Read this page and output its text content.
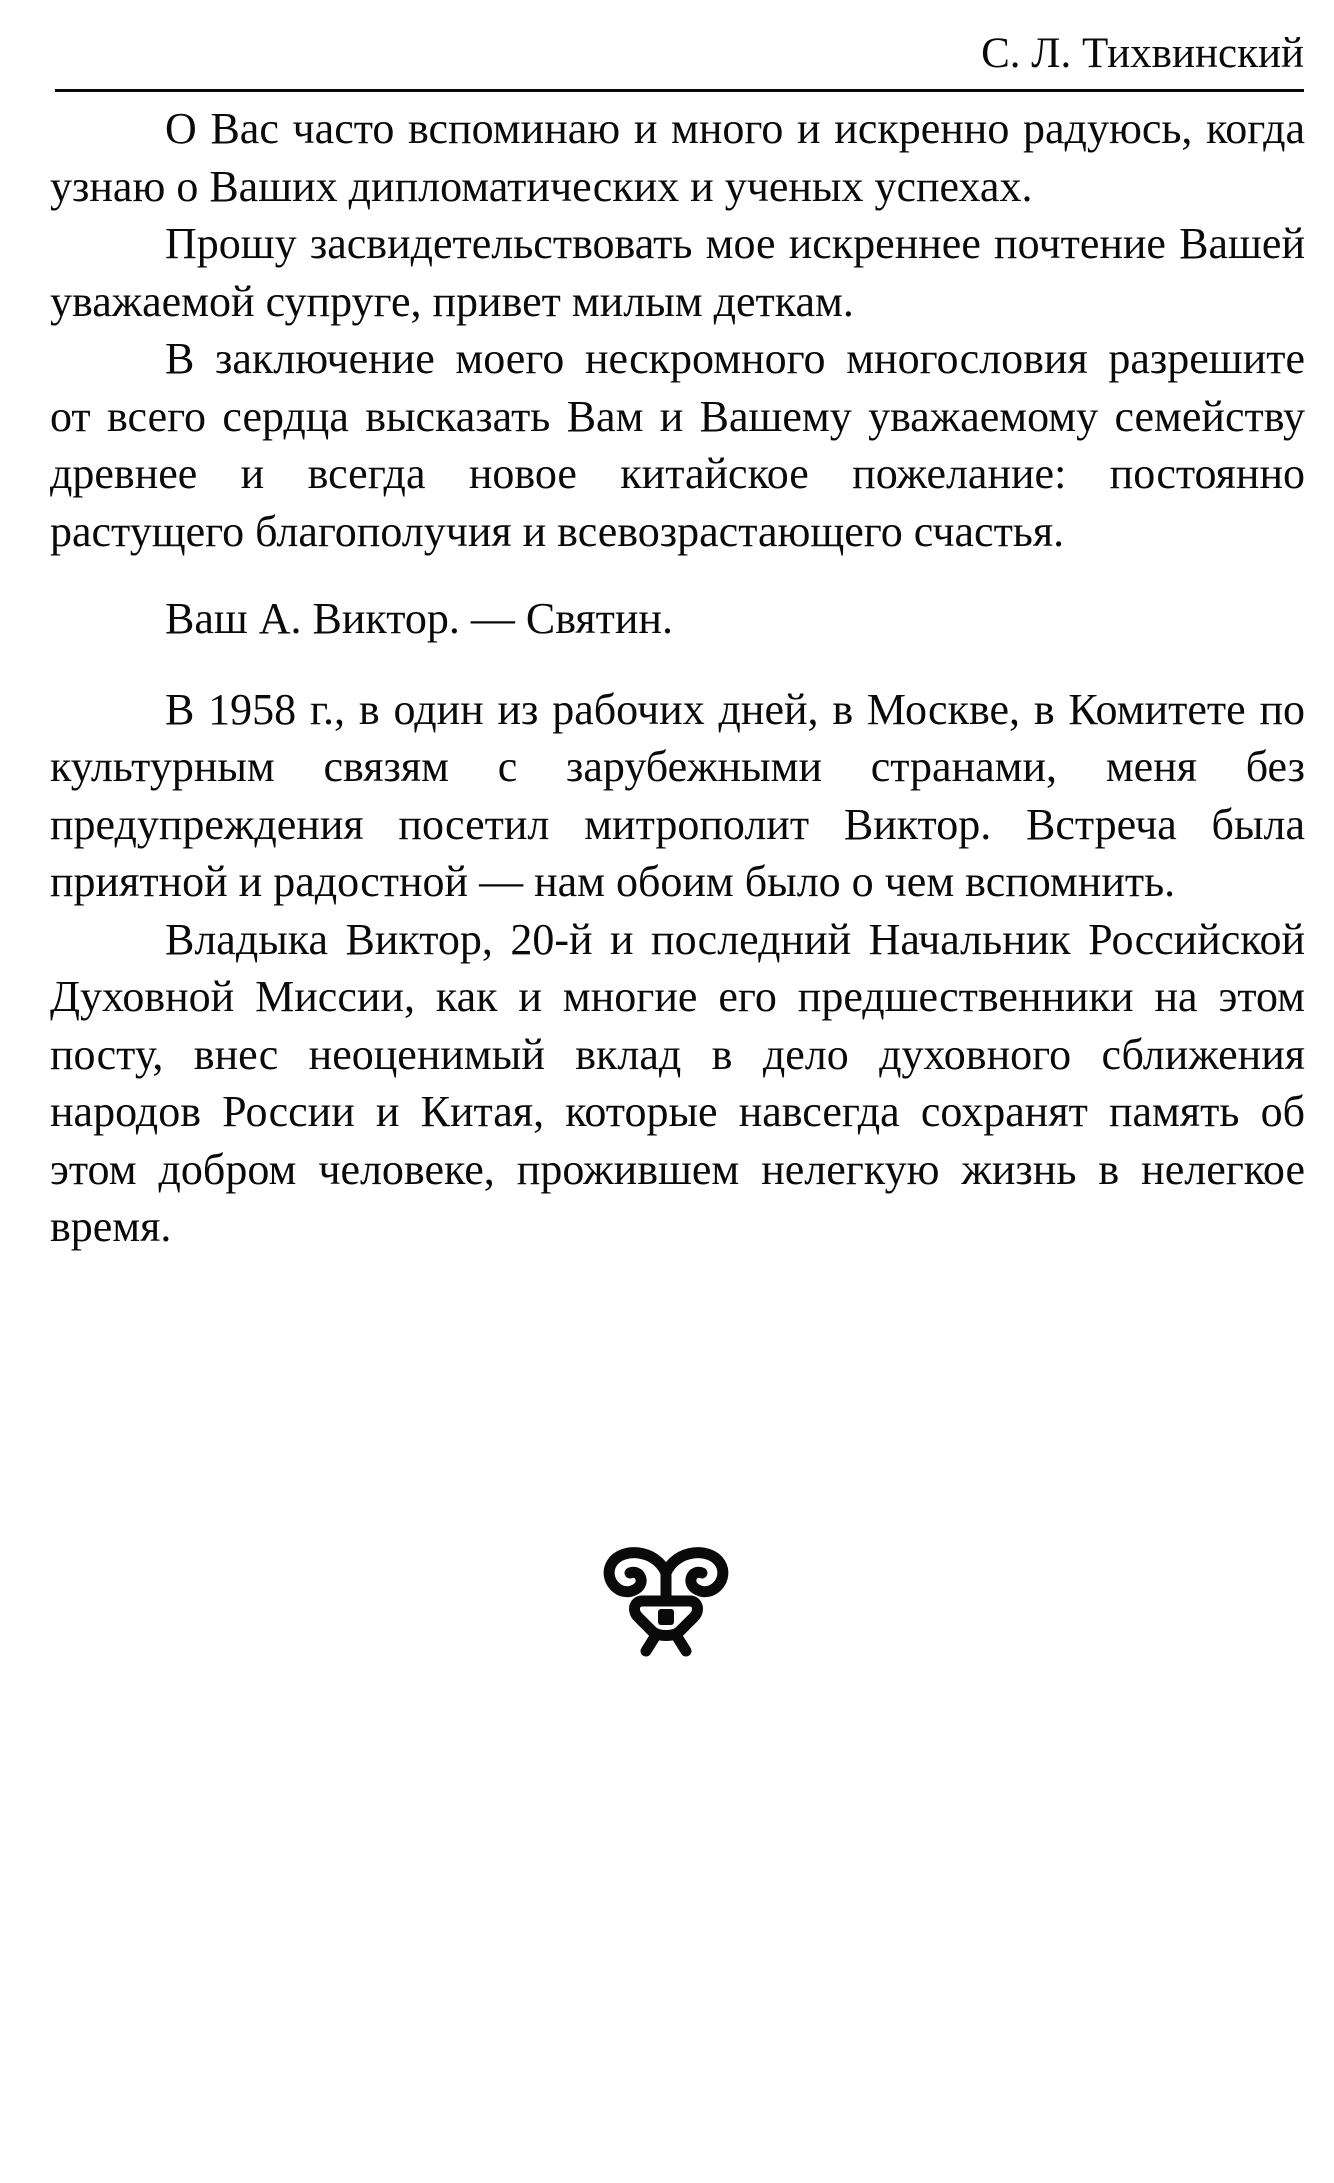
С. Л. Тихвинский

О Вас часто вспоминаю и много и искренно радуюсь, когда узнаю о Ваших дипломатических и ученых успехах.

Прошу засвидетельствовать мое искреннее почтение Вашей уважаемой супруге, привет милым деткам.

В заключение моего нескромного многословия разрешите от всего сердца высказать Вам и Вашему уважаемому семейству древнее и всегда новое китайское пожелание: постоянно растущего благополучия и всевозрастающего счастья.

Ваш А. Виктор. — Святин.

В 1958 г., в один из рабочих дней, в Москве, в Комитете по культурным связям с зарубежными странами, меня без предупреждения посетил митрополит Виктор. Встреча была приятной и радостной — нам обоим было о чем вспомнить.

Владыка Виктор, 20-й и последний Начальник Российской Духовной Миссии, как и многие его предшественники на этом посту, внес неоценимый вклад в дело духовного сближения народов России и Китая, которые навсегда сохранят память об этом добром человеке, прожившем нелегкую жизнь в нелегкое время.
